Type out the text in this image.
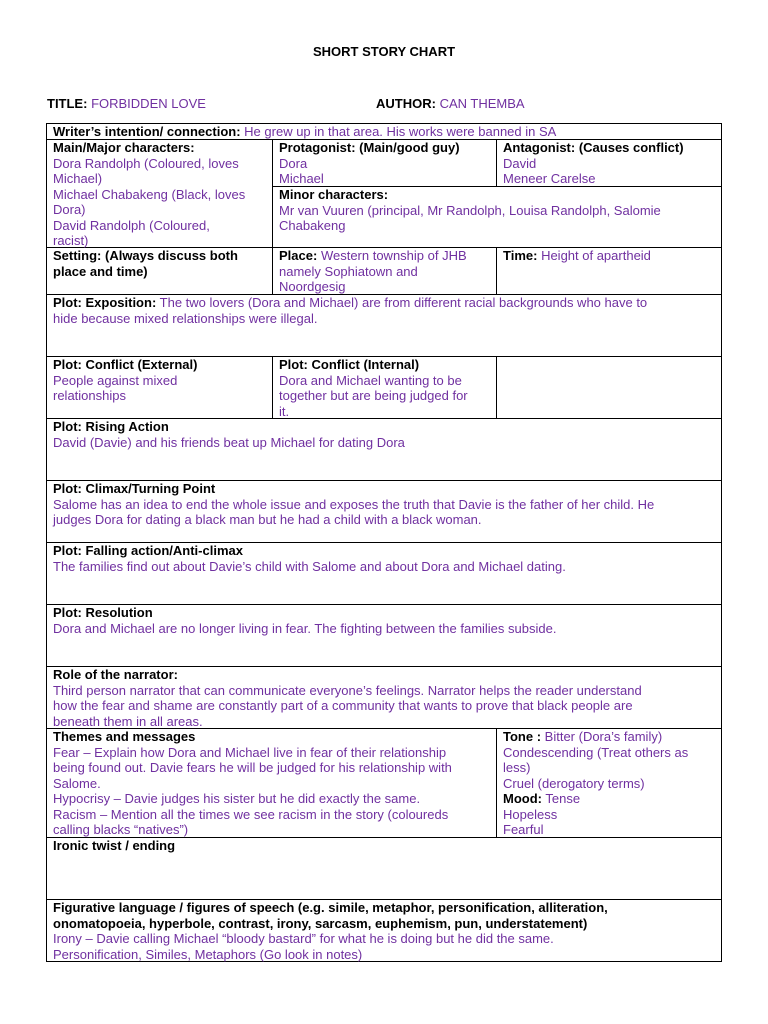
SHORT STORY CHART
TITLE: FORBIDDEN LOVE	AUTHOR: CAN THEMBA
Writer’s intention/ connection: He grew up in that area. His works were banned in SA
Main/Major characters:
Dora Randolph (Coloured, loves
Michael)
Michael Chabakeng (Black, loves
Dora)
David Randolph (Coloured,
racist)
Protagonist: (Main/good guy)
Dora
Michael
Antagonist: (Causes conflict)
David
Meneer Carelse
Minor characters:
Mr van Vuuren (principal, Mr Randolph, Louisa Randolph, Salomie
Chabakeng
Setting: (Always discuss both
place and time)
Place: Western township of JHB
namely Sophiatown and
Noordgesig
Time: Height of apartheid
Plot: Exposition: The two lovers (Dora and Michael) are from different racial backgrounds who have to
hide because mixed relationships were illegal.
Plot: Conflict (External)
People against mixed
relationships
Plot: Conflict (Internal)
Dora and Michael wanting to be
together but are being judged for
it.
Plot: Rising Action
David (Davie) and his friends beat up Michael for dating Dora
Plot: Climax/Turning Point
Salome has an idea to end the whole issue and exposes the truth that Davie is the father of her child. He
judges Dora for dating a black man but he had a child with a black woman.
Plot: Falling action/Anti-climax
The families find out about Davie’s child with Salome and about Dora and Michael dating.
Plot: Resolution
Dora and Michael are no longer living in fear. The fighting between the families subside.
Role of the narrator:
Third person narrator that can communicate everyone’s feelings. Narrator helps the reader understand
how the fear and shame are constantly part of a community that wants to prove that black people are
beneath them in all areas.
Themes and messages
Fear – Explain how Dora and Michael live in fear of their relationship
being found out. Davie fears he will be judged for his relationship with
Salome.
Hypocrisy – Davie judges his sister but he did exactly the same.
Racism – Mention all the times we see racism in the story (coloureds
calling blacks “natives”)
Tone : Bitter (Dora’s family)
Condescending (Treat others as
less)
Cruel (derogatory terms)
Mood: Tense
Hopeless
Fearful
Ironic twist / ending
Figurative language / figures of speech (e.g. simile, metaphor, personification, alliteration,
onomatopoeia, hyperbole, contrast, irony, sarcasm, euphemism, pun, understatement)
Irony – Davie calling Michael “bloody bastard” for what he is doing but he did the same.
Personification, Similes, Metaphors (Go look in notes)
